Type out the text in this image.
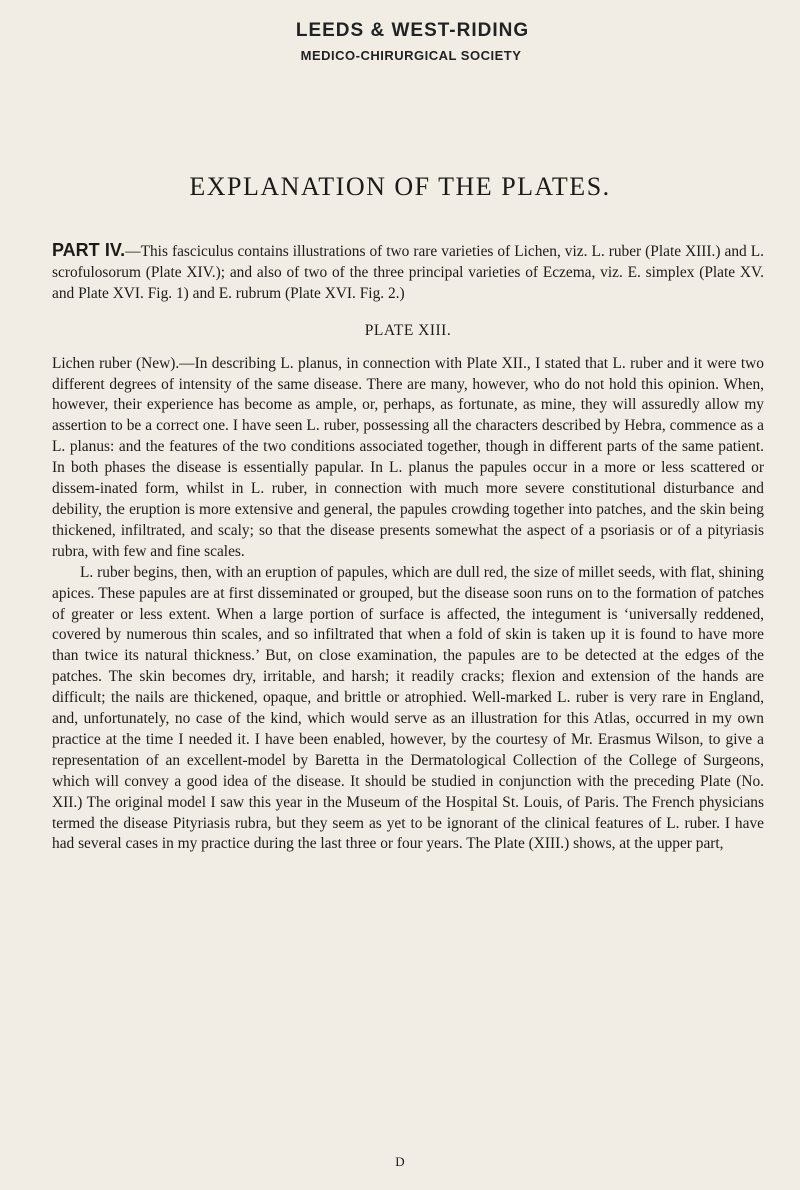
LEEDS & WEST-RIDING
MEDICO-CHIRURGICAL SOCIETY
EXPLANATION OF THE PLATES.

PART IV.—This fasciculus contains illustrations of two rare varieties of Lichen, viz. L. ruber (Plate XIII.) and L. scrofulosorum (Plate XIV.); and also of two of the three principal varieties of Eczema, viz. E. simplex (Plate XV. and Plate XVI. Fig. 1) and E. rubrum (Plate XVI. Fig. 2.)

PLATE XIII.

Lichen ruber (New).—In describing L. planus, in connection with Plate XII., I stated that L. ruber and it were two different degrees of intensity of the same disease. There are many, however, who do not hold this opinion. When, however, their experience has become as ample, or, perhaps, as fortunate, as mine, they will assuredly allow my assertion to be a correct one. I have seen L. ruber, possessing all the characters described by Hebra, commence as a L. planus: and the features of the two conditions associated together, though in different parts of the same patient. In both phases the disease is essentially papular. In L. planus the papules occur in a more or less scattered or dissem-inated form, whilst in L. ruber, in connection with much more severe constitutional disturbance and debility, the eruption is more extensive and general, the papules crowding together into patches, and the skin being thickened, infiltrated, and scaly; so that the disease presents somewhat the aspect of a psoriasis or of a pityriasis rubra, with few and fine scales.

L. ruber begins, then, with an eruption of papules, which are dull red, the size of millet seeds, with flat, shining apices. These papules are at first disseminated or grouped, but the disease soon runs on to the formation of patches of greater or less extent. When a large portion of surface is affected, the integument is ‘universally reddened, covered by numerous thin scales, and so infiltrated that when a fold of skin is taken up it is found to have more than twice its natural thickness.’ But, on close examination, the papules are to be detected at the edges of the patches. The skin becomes dry, irritable, and harsh; it readily cracks; flexion and extension of the hands are difficult; the nails are thickened, opaque, and brittle or atrophied. Well-marked L. ruber is very rare in England, and, unfortunately, no case of the kind, which would serve as an illustration for this Atlas, occurred in my own practice at the time I needed it. I have been enabled, however, by the courtesy of Mr. Erasmus Wilson, to give a representation of an excellent-model by Baretta in the Dermatological Collection of the College of Surgeons, which will convey a good idea of the disease. It should be studied in conjunction with the preceding Plate (No. XII.) The original model I saw this year in the Museum of the Hospital St. Louis, of Paris. The French physicians termed the disease Pityriasis rubra, but they seem as yet to be ignorant of the clinical features of L. ruber. I have had several cases in my practice during the last three or four years. The Plate (XIII.) shows, at the upper part,

D
